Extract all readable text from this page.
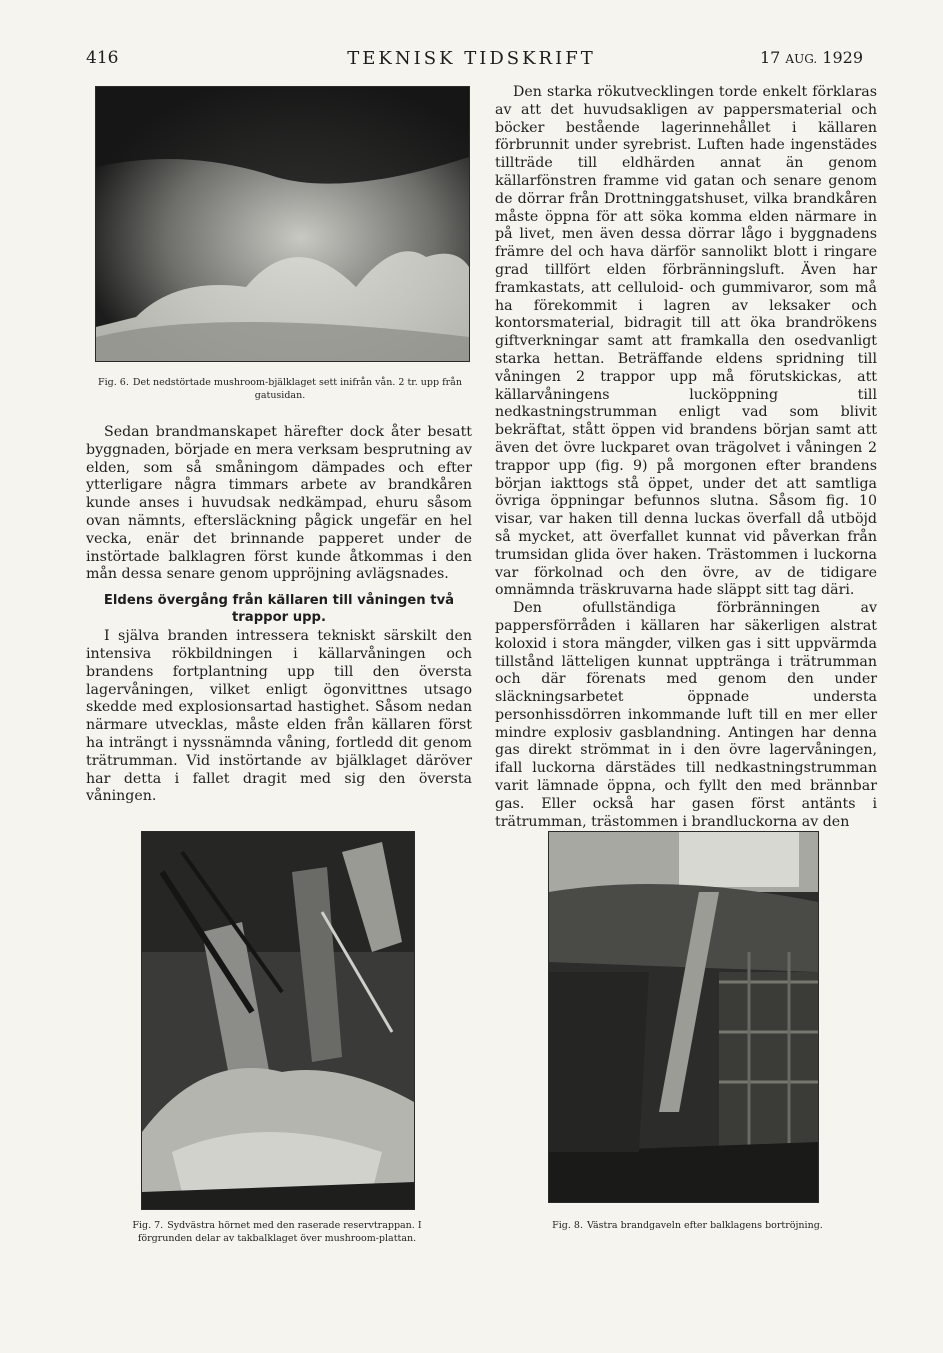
416	TEKNISK TIDSKRIFT	17 AUG. 1929
Fig. 6. Det nedstörtade mushroom-bjälklaget sett inifrån vån. 2 tr. upp från gatusidan.

Sedan brandmanskapet härefter dock åter besatt byggnaden, började en mera verksam besprutning av elden, som så småningom dämpades och efter ytterligare några timmars arbete av brandkåren kunde anses i huvudsak nedkämpad, ehuru såsom ovan nämnts, eftersläckning pågick ungefär en hel vecka, enär det brinnande papperet under de instörtade balklagren först kunde åtkommas i den mån dessa senare genom uppröjning avlägsnades.

Eldens övergång från källaren till våningen två trappor upp.

I själva branden intressera tekniskt särskilt den intensiva rökbildningen i källarvåningen och brandens fortplantning upp till den översta lagervåningen, vilket enligt ögonvittnes utsago skedde med explosionsartad hastighet. Såsom nedan närmare utvecklas, måste elden från källaren först ha inträngt i nyssnämnda våning, fortledd dit genom trätrumman. Vid instörtande av bjälklaget däröver har detta i fallet dragit med sig den översta våningen.

Den starka rökutvecklingen torde enkelt förklaras av att det huvudsakligen av pappersmaterial och böcker bestående lagerinnehållet i källaren förbrunnit under syrebrist. Luften hade ingenstädes tillträde till eldhärden annat än genom källarfönstren framme vid gatan och senare genom de dörrar från Drottninggatshuset, vilka brandkåren måste öppna för att söka komma elden närmare in på livet, men även dessa dörrar lågo i byggnadens främre del och hava därför sannolikt blott i ringare grad tillfört elden förbränningsluft. Även har framkastats, att celluloid- och gummivaror, som må ha förekommit i lagren av leksaker och kontorsmaterial, bidragit till att öka brandrökens giftverkningar samt att framkalla den osedvanligt starka hettan. Beträffande eldens spridning till våningen 2 trappor upp må förutskickas, att källarvåningens lucköppning till nedkastningstrumman enligt vad som blivit bekräftat, stått öppen vid brandens början samt att även det övre luckparet ovan trägolvet i våningen 2 trappor upp (fig. 9) på morgonen efter brandens början iakttogs stå öppet, under det att samtliga övriga öppningar befunnos slutna. Såsom fig. 10 visar, var haken till denna luckas överfall då utböjd så mycket, att överfallet kunnat vid påverkan från trumsidan glida över haken. Trästommen i luckorna var förkolnad och den övre, av de tidigare omnämnda träskruvarna hade släppt sitt tag däri.

Den ofullständiga förbränningen av pappersförråden i källaren har säkerligen alstrat koloxid i stora mängder, vilken gas i sitt uppvärmda tillstånd lätteligen kunnat upptränga i trätrumman och där förenats med genom den under släckningsarbetet öppnade understa personhissdörren inkommande luft till en mer eller mindre explosiv gasblandning. Antingen har denna gas direkt strömmat in i den övre lagervåningen, ifall luckorna därstädes till nedkastningstrumman varit lämnade öppna, och fyllt den med brännbar gas. Eller också har gasen först antänts i trätrumman, trästommen i brandluckorna av den

Fig. 7. Sydvästra hörnet med den raserade reservtrappan. I förgrunden delar av takbalklaget över mushroom-plattan.
Fig. 8. Västra brandgaveln efter balklagens bortröjning.
